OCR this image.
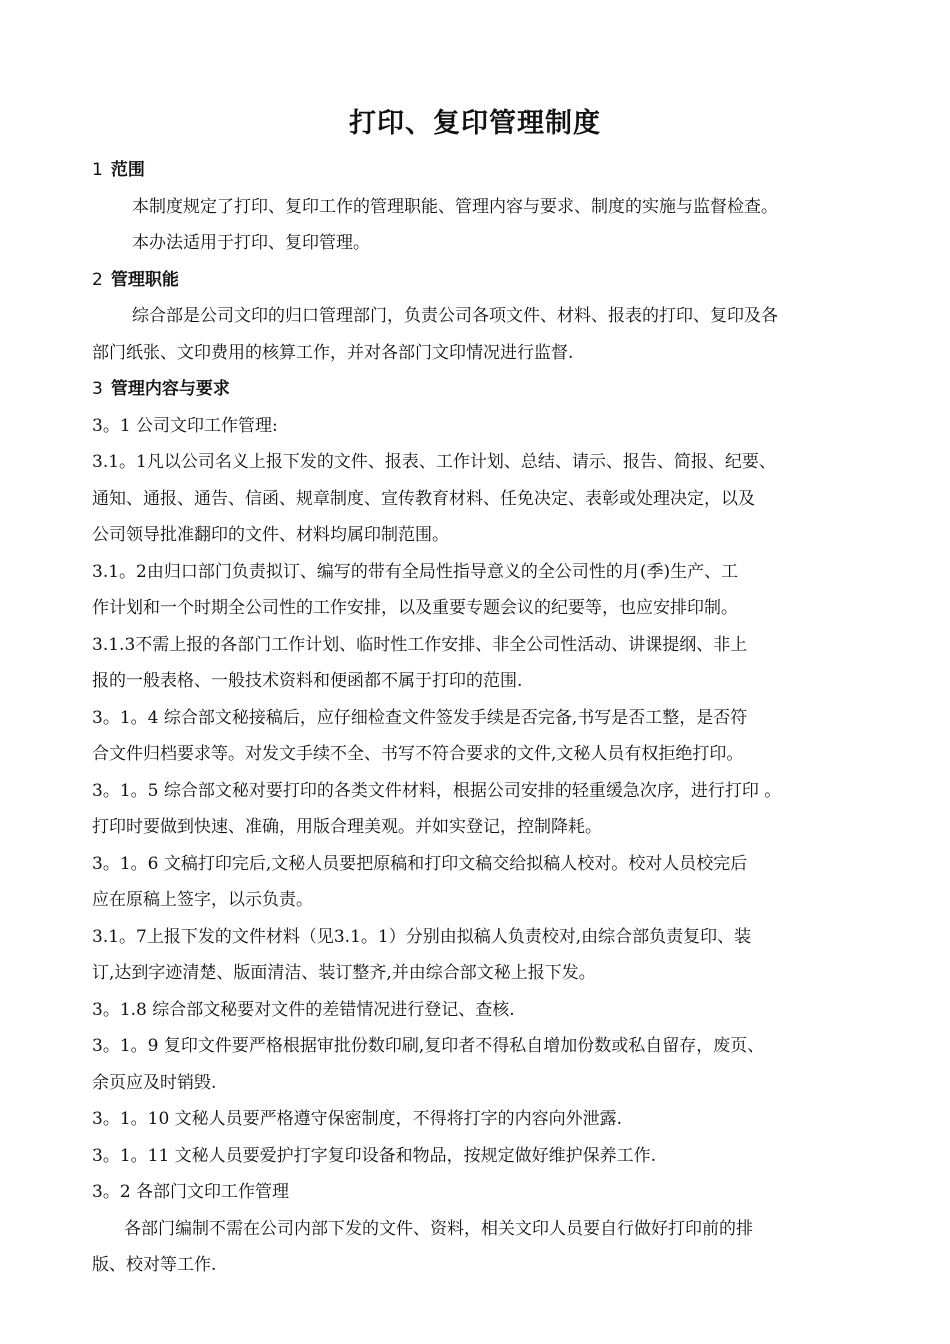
打印、复印管理制度

1 范围

本制度规定了打印、复印工作的管理职能、管理内容与要求、制度的实施与监督检查。

本办法适用于打印、复印管理。

2 管理职能

综合部是公司文印的归口管理部门，负责公司各项文件、材料、报表的打印、复印及各

部门纸张、文印费用的核算工作，并对各部门文印情况进行监督.

3 管理内容与要求

3。1 公司文印工作管理:

3.1。1凡以公司名义上报下发的文件、报表、工作计划、总结、请示、报告、简报、纪要、

通知、通报、通告、信函、规章制度、宣传教育材料、任免决定、表彰或处理决定，以及

公司领导批准翻印的文件、材料均属印制范围。

3.1。2由归口部门负责拟订、编写的带有全局性指导意义的全公司性的月(季)生产、工

作计划和一个时期全公司性的工作安排，以及重要专题会议的纪要等，也应安排印制。

3.1.3不需上报的各部门工作计划、临时性工作安排、非全公司性活动、讲课提纲、非上

报的一般表格、一般技术资料和便函都不属于打印的范围.

3。1。4 综合部文秘接稿后，应仔细检查文件签发手续是否完备,书写是否工整，是否符

合文件归档要求等。对发文手续不全、书写不符合要求的文件,文秘人员有权拒绝打印。

3。1。5 综合部文秘对要打印的各类文件材料，根据公司安排的轻重缓急次序，进行打印 。

打印时要做到快速、准确，用版合理美观。并如实登记，控制降耗。

3。1。6 文稿打印完后,文秘人员要把原稿和打印文稿交给拟稿人校对。校对人员校完后

应在原稿上签字，以示负责。

3.1。7上报下发的文件材料（见3.1。1）分别由拟稿人负责校对,由综合部负责复印、装

订,达到字迹清楚、版面清洁、装订整齐,并由综合部文秘上报下发。

3。1.8 综合部文秘要对文件的差错情况进行登记、查核.

3。1。9 复印文件要严格根据审批份数印刷,复印者不得私自增加份数或私自留存，废页、

余页应及时销毁.

3。1。10 文秘人员要严格遵守保密制度，不得将打字的内容向外泄露.

3。1。11 文秘人员要爱护打字复印设备和物品，按规定做好维护保养工作.

3。2 各部门文印工作管理

各部门编制不需在公司内部下发的文件、资料，相关文印人员要自行做好打印前的排

版、校对等工作.
